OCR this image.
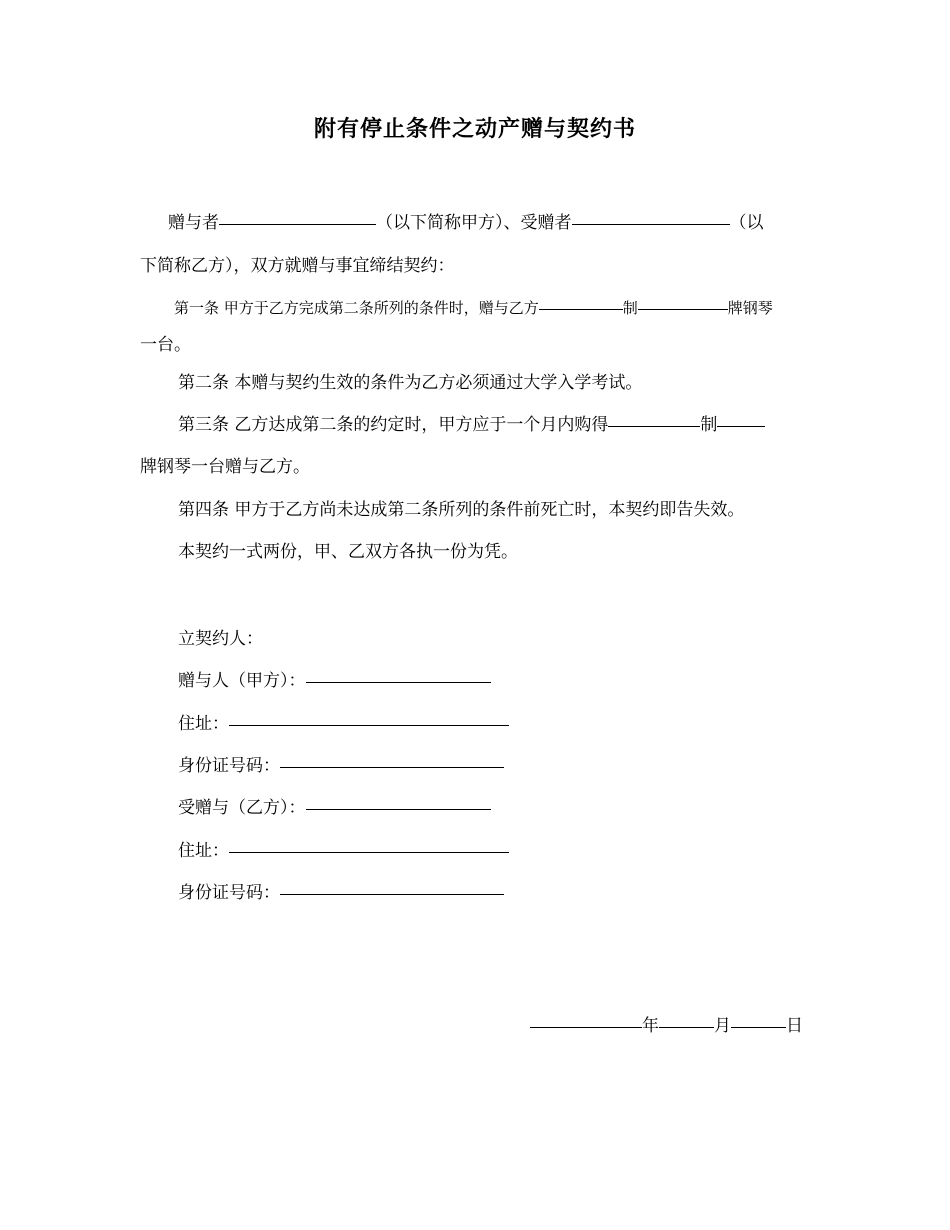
附有停止条件之动产赠与契约书
赠与者	（以下简称甲方）、受赠者	（以
下简称乙方），双方就赠与事宜缔结契约：
第一条 甲方于乙方完成第二条所列的条件时，赠与乙方	制	牌钢琴
一台。
第二条 本赠与契约生效的条件为乙方必须通过大学入学考试。
第三条 乙方达成第二条的约定时，甲方应于一个月内购得	制
牌钢琴一台赠与乙方。
第四条 甲方于乙方尚未达成第二条所列的条件前死亡时，本契约即告失效。
本契约一式两份，甲、乙双方各执一份为凭。
立契约人：
赠与人（甲方）：
住址：
身份证号码：
受赠与（乙方）：
住址：
身份证号码：
年	月	日
